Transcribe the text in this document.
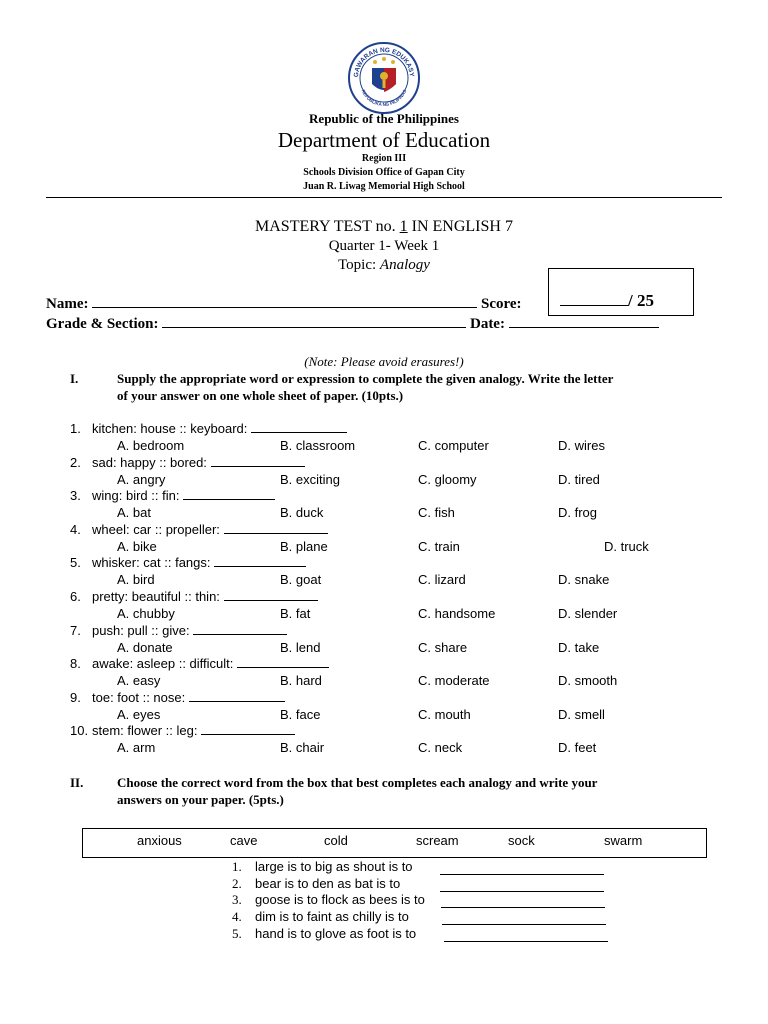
GAWARAN NG EDUKASY
REPUBLIKA NG PILIPINAS
Republic of the Philippines
Department of Education
Region III
Schools Division Office of Gapan City
Juan R. Liwag Memorial High School
MASTERY TEST no. 1 IN ENGLISH 7
Quarter 1- Week 1
Topic: Analogy
/ 25
Name:	Score:
Grade & Section:	Date:
(Note: Please avoid erasures!)
I.	Supply the appropriate word or expression to complete the given analogy. Write the letter
of your answer on one whole sheet of paper. (10pts.)
1. kitchen: house :: keyboard:
A. bedroom	B. classroom	C. computer	D. wires
2. sad: happy :: bored:
A. angry	B. exciting	C. gloomy	D. tired
3. wing: bird :: fin:
A. bat	B. duck	C. fish	D. frog
4. wheel: car :: propeller:
A. bike	B. plane	C. train	D. truck
5. whisker: cat :: fangs:
A. bird	B. goat	C. lizard	D. snake
6. pretty: beautiful :: thin:
A. chubby	B. fat	C. handsome	D. slender
7. push: pull :: give:
A. donate	B. lend	C. share	D. take
8. awake: asleep :: difficult:
A. easy	B. hard	C. moderate	D. smooth
9. toe: foot :: nose:
A. eyes	B. face	C. mouth	D. smell
10. stem: flower :: leg:
A. arm	B. chair	C. neck	D. feet
II.	Choose the correct word from the box that best completes each analogy and write your
answers on your paper. (5pts.)
anxious	cave	cold	scream	sock	swarm
1. large is to big as shout is to
2. bear is to den as bat is to
3. goose is to flock as bees is to
4. dim is to faint as chilly is to
5. hand is to glove as foot is to
